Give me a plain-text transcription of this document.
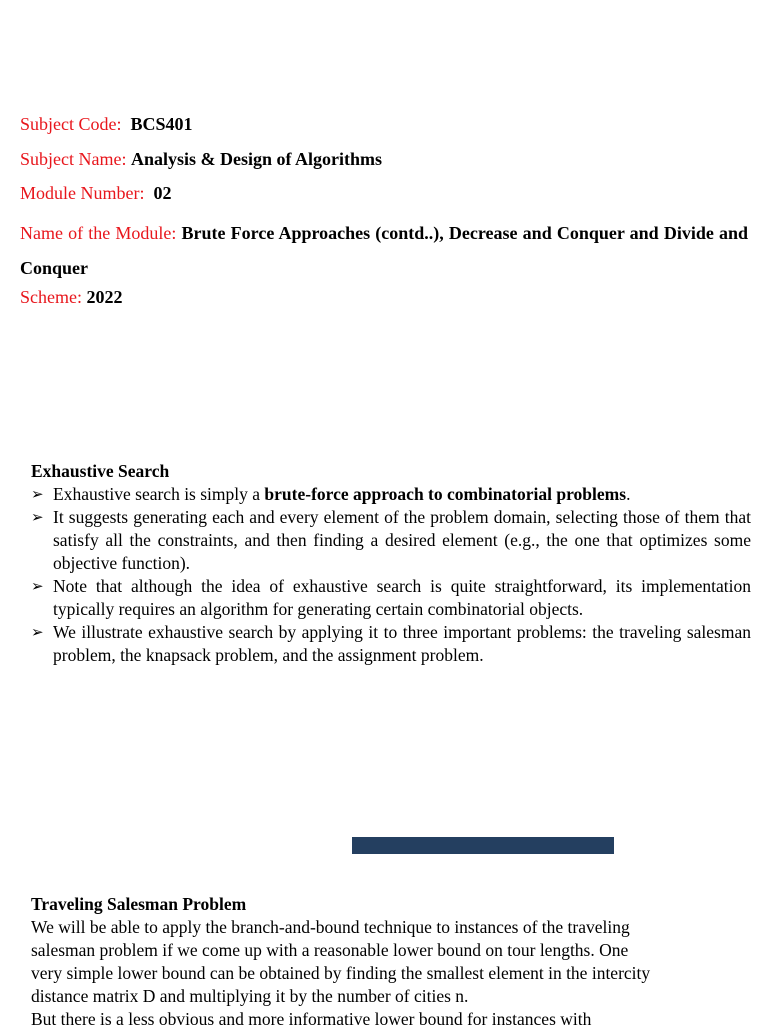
Subject Code: BCS401
Subject Name: Analysis & Design of Algorithms
Module Number: 02
Name of the Module: Brute Force Approaches (contd..), Decrease and Conquer and Divide and Conquer
Scheme: 2022
Exhaustive Search
➢ Exhaustive search is simply a brute-force approach to combinatorial problems.
➢ It suggests generating each and every element of the problem domain, selecting those of them that satisfy all the constraints, and then finding a desired element (e.g., the one that optimizes some objective function).
➢ Note that although the idea of exhaustive search is quite straightforward, its implementation typically requires an algorithm for generating certain combinatorial objects.
➢ We illustrate exhaustive search by applying it to three important problems: the traveling salesman problem, the knapsack problem, and the assignment problem.
Traveling Salesman Problem
We will be able to apply the branch-and-bound technique to instances of the traveling
salesman problem if we come up with a reasonable lower bound on tour lengths. One
very simple lower bound can be obtained by finding the smallest element in the intercity
distance matrix D and multiplying it by the number of cities n.
But there is a less obvious and more informative lower bound for instances with
